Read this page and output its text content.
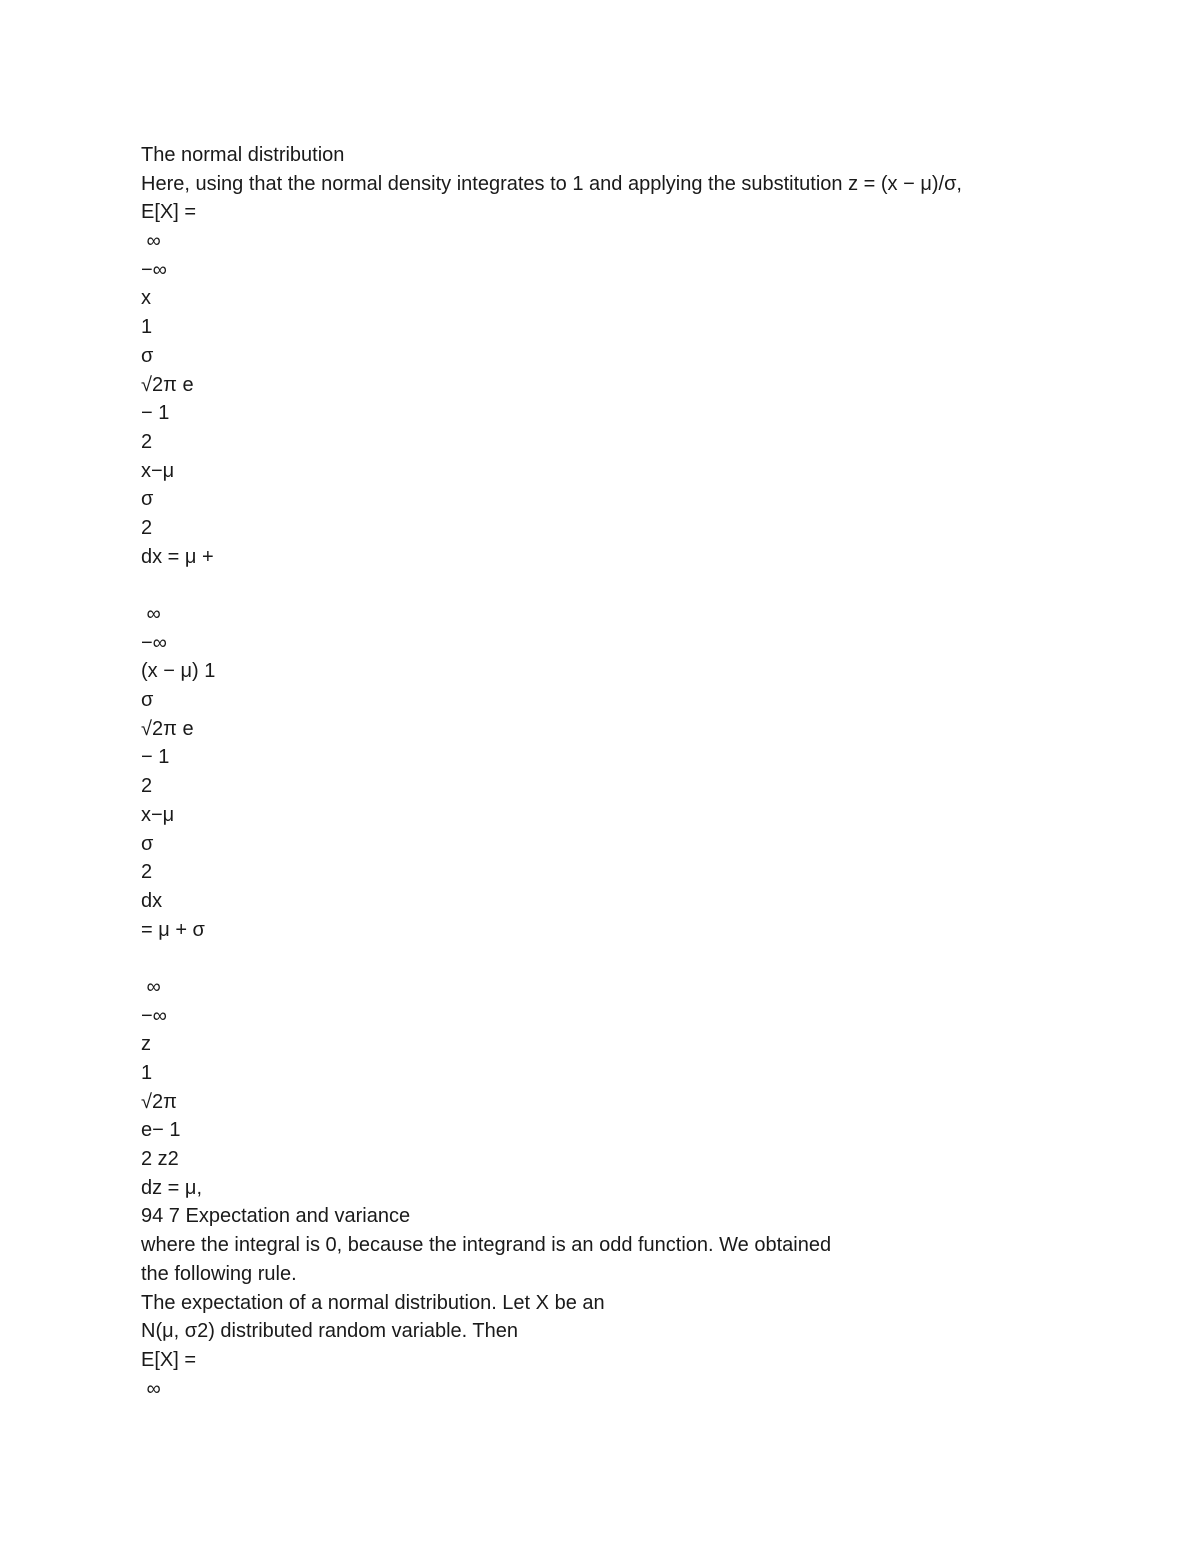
The normal distribution
Here, using that the normal density integrates to 1 and applying the substitution z = (x − μ)/σ,
E[X] =
∞
−∞
x
1
σ
√2π e
− 1
2
x−μ
σ
2
dx = μ +
∞
−∞
(x − μ) 1
σ
√2π e
− 1
2
x−μ
σ
2
dx
= μ + σ
∞
−∞
z
1
√2π
e− 1
2 z2
dz = μ,
94 7 Expectation and variance
where the integral is 0, because the integrand is an odd function. We obtained
the following rule.
The expectation of a normal distribution. Let X be an
N(μ, σ2) distributed random variable. Then
E[X] =
∞
